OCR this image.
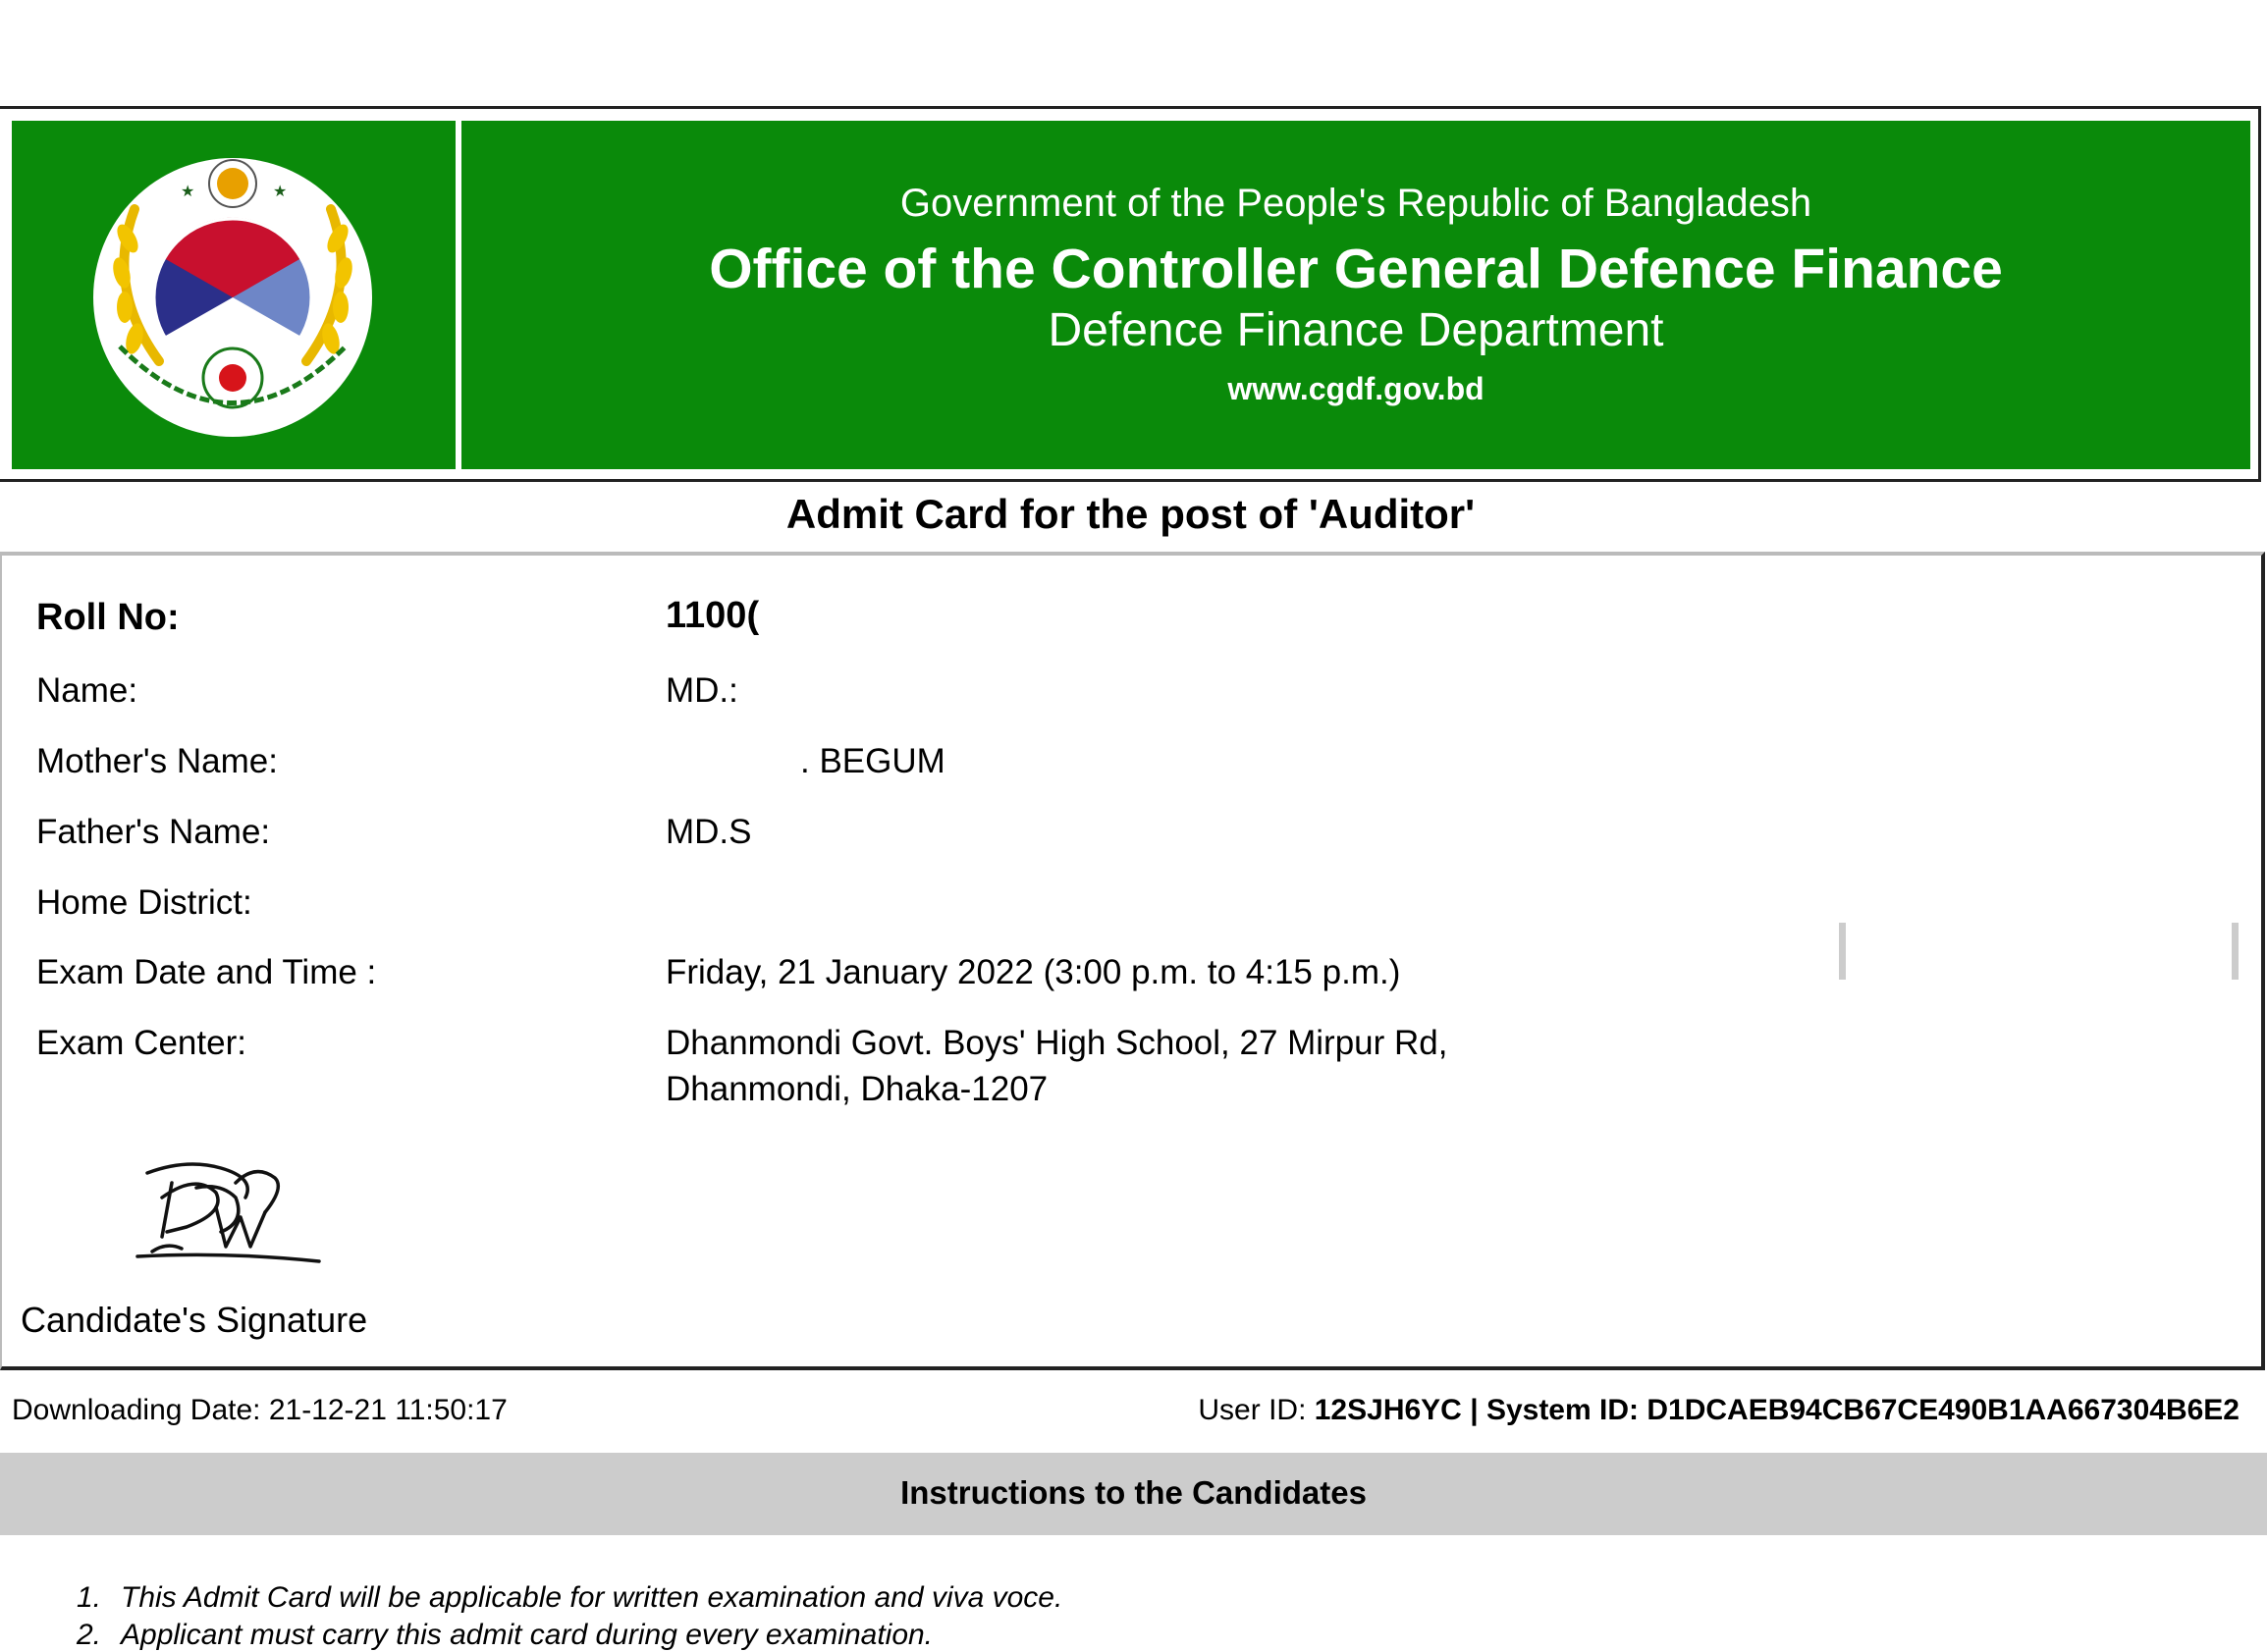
★	★	Government of the People's Republic of Bangladesh
Office of the Controller General Defence Finance
Defence Finance Department
www.cgdf.gov.bd
Admit Card for the post of 'Auditor'
Roll No:	1100(
Name:	MD.:
Mother's Name:	. BEGUM
Father's Name:	MD.S
Home District:
Exam Date and Time :	Friday, 21 January 2022 (3:00 p.m. to 4:15 p.m.)
Exam Center:	Dhanmondi Govt. Boys' High School, 27 Mirpur Rd,
Dhanmondi, Dhaka-1207
Candidate's Signature
Downloading Date: 21-12-21 11:50:17	User ID: 12SJH6YC | System ID: D1DCAEB94CB67CE490B1AA667304B6E2
Instructions to the Candidates
1. This Admit Card will be applicable for written examination and viva voce.
2. Applicant must carry this admit card during every examination.
